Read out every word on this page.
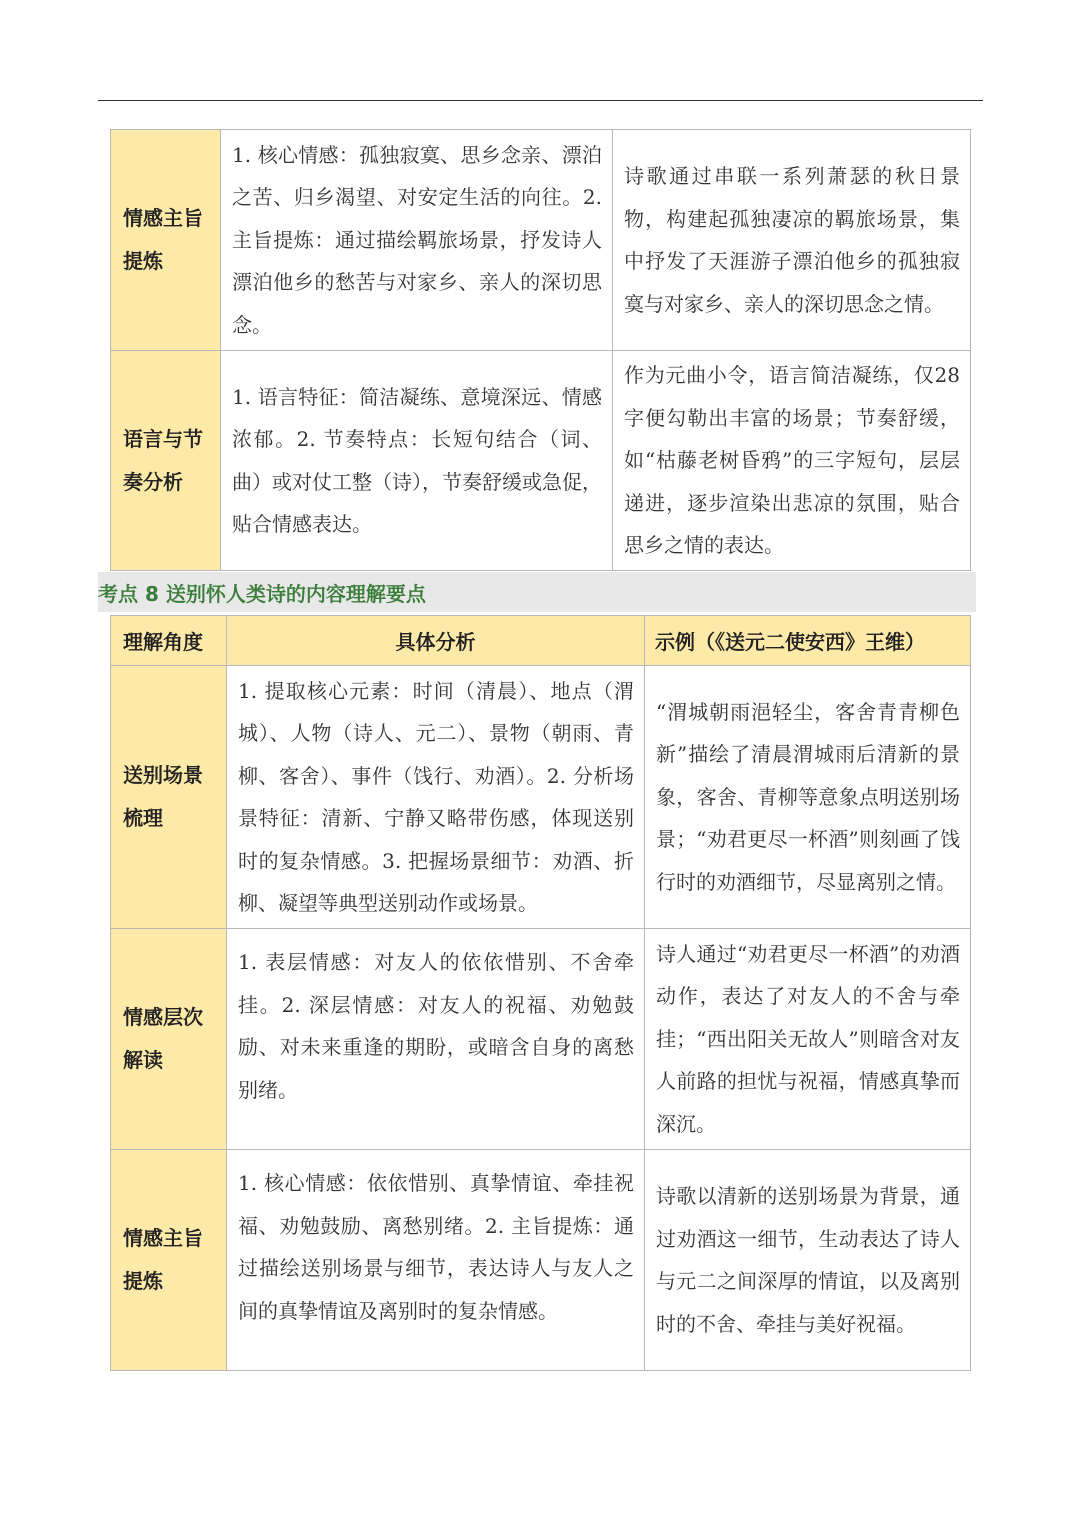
情感主旨提炼	1. 核心情感：孤独寂寞、思乡念亲、漂泊之苦、归乡渴望、对安定生活的向往。2. 主旨提炼：通过描绘羁旅场景，抒发诗人漂泊他乡的愁苦与对家乡、亲人的深切思念。	诗歌通过串联一系列萧瑟的秋日景物，构建起孤独凄凉的羁旅场景，集中抒发了天涯游子漂泊他乡的孤独寂寞与对家乡、亲人的深切思念之情。
语言与节奏分析	1. 语言特征：简洁凝练、意境深远、情感浓郁。2. 节奏特点：长短句结合（词、曲）或对仗工整（诗），节奏舒缓或急促，贴合情感表达。	作为元曲小令，语言简洁凝练，仅28字便勾勒出丰富的场景；节奏舒缓，如“枯藤老树昏鸦”的三字短句，层层递进，逐步渲染出悲凉的氛围，贴合思乡之情的表达。
考点 8 送别怀人类诗的内容理解要点
理解角度	具体分析	示例（《送元二使安西》王维）
送别场景梳理	1. 提取核心元素：时间（清晨）、地点（渭城）、人物（诗人、元二）、景物（朝雨、青柳、客舍）、事件（饯行、劝酒）。2. 分析场景特征：清新、宁静又略带伤感，体现送别时的复杂情感。3. 把握场景细节：劝酒、折柳、凝望等典型送别动作或场景。	“渭城朝雨浥轻尘，客舍青青柳色新”描绘了清晨渭城雨后清新的景象，客舍、青柳等意象点明送别场景；“劝君更尽一杯酒”则刻画了饯行时的劝酒细节，尽显离别之情。
情感层次解读	1. 表层情感：对友人的依依惜别、不舍牵挂。2. 深层情感：对友人的祝福、劝勉鼓励、对未来重逢的期盼，或暗含自身的离愁别绪。	诗人通过“劝君更尽一杯酒”的劝酒动作，表达了对友人的不舍与牵挂；“西出阳关无故人”则暗含对友人前路的担忧与祝福，情感真挚而深沉。
情感主旨提炼	1. 核心情感：依依惜别、真挚情谊、牵挂祝福、劝勉鼓励、离愁别绪。2. 主旨提炼：通过描绘送别场景与细节，表达诗人与友人之间的真挚情谊及离别时的复杂情感。	诗歌以清新的送别场景为背景，通过劝酒这一细节，生动表达了诗人与元二之间深厚的情谊，以及离别时的不舍、牵挂与美好祝福。
